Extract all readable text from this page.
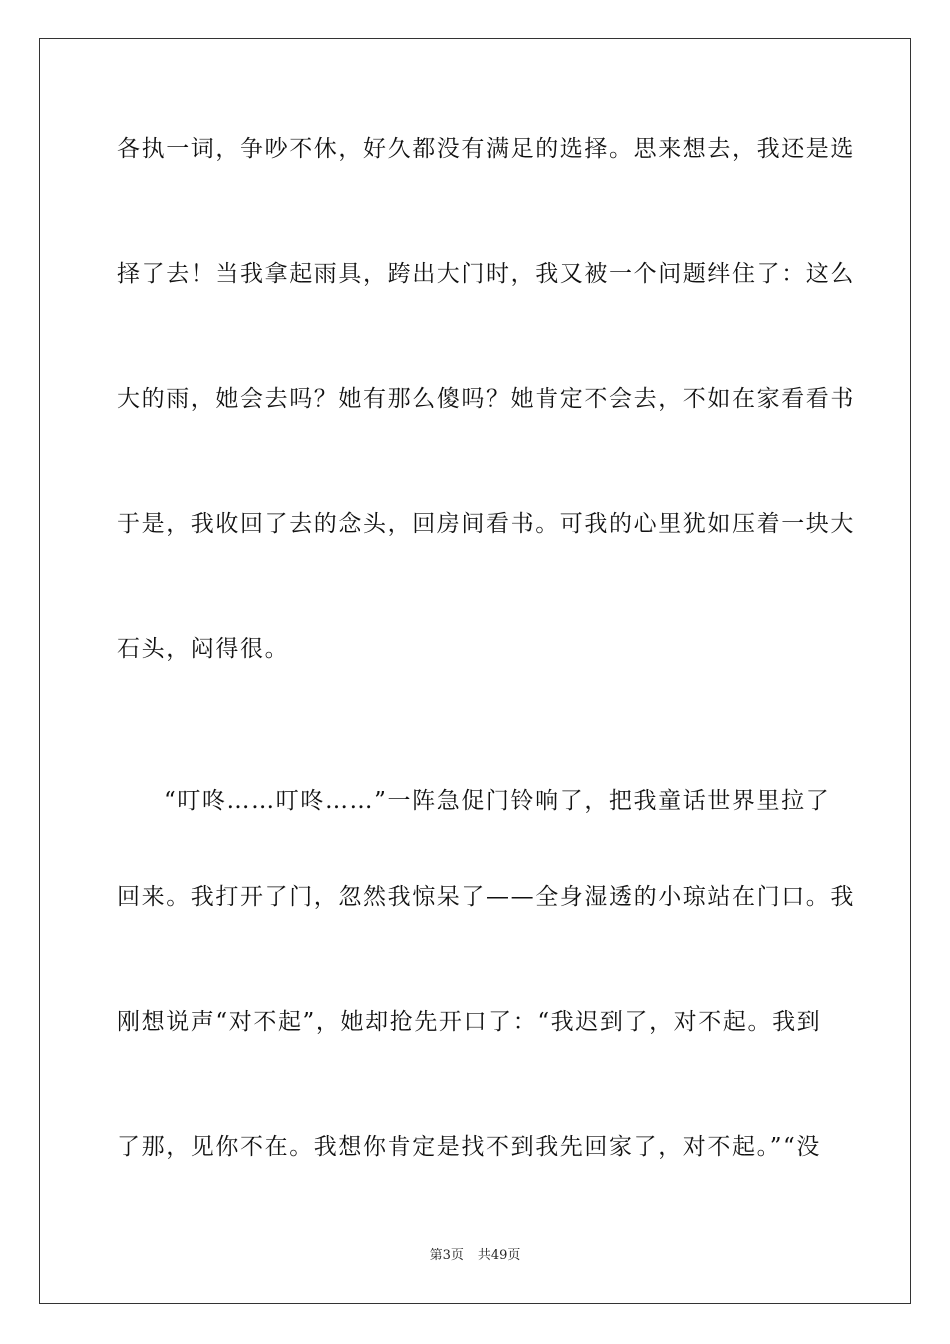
各执一词，争吵不休，好久都没有满足的选择。思来想去，我还是选
择了去！当我拿起雨具，跨出大门时，我又被一个问题绊住了：这么
大的雨，她会去吗？她有那么傻吗？她肯定不会去，不如在家看看书
于是，我收回了去的念头，回房间看书。可我的心里犹如压着一块大
石头，闷得很。
“叮咚……叮咚……”一阵急促门铃响了，把我童话世界里拉了
回来。我打开了门，忽然我惊呆了——全身湿透的小琼站在门口。我
刚想说声“对不起”，她却抢先开口了：“我迟到了，对不起。我到
了那，见你不在。我想你肯定是找不到我先回家了，对不起。”“没
第3页 共49页
